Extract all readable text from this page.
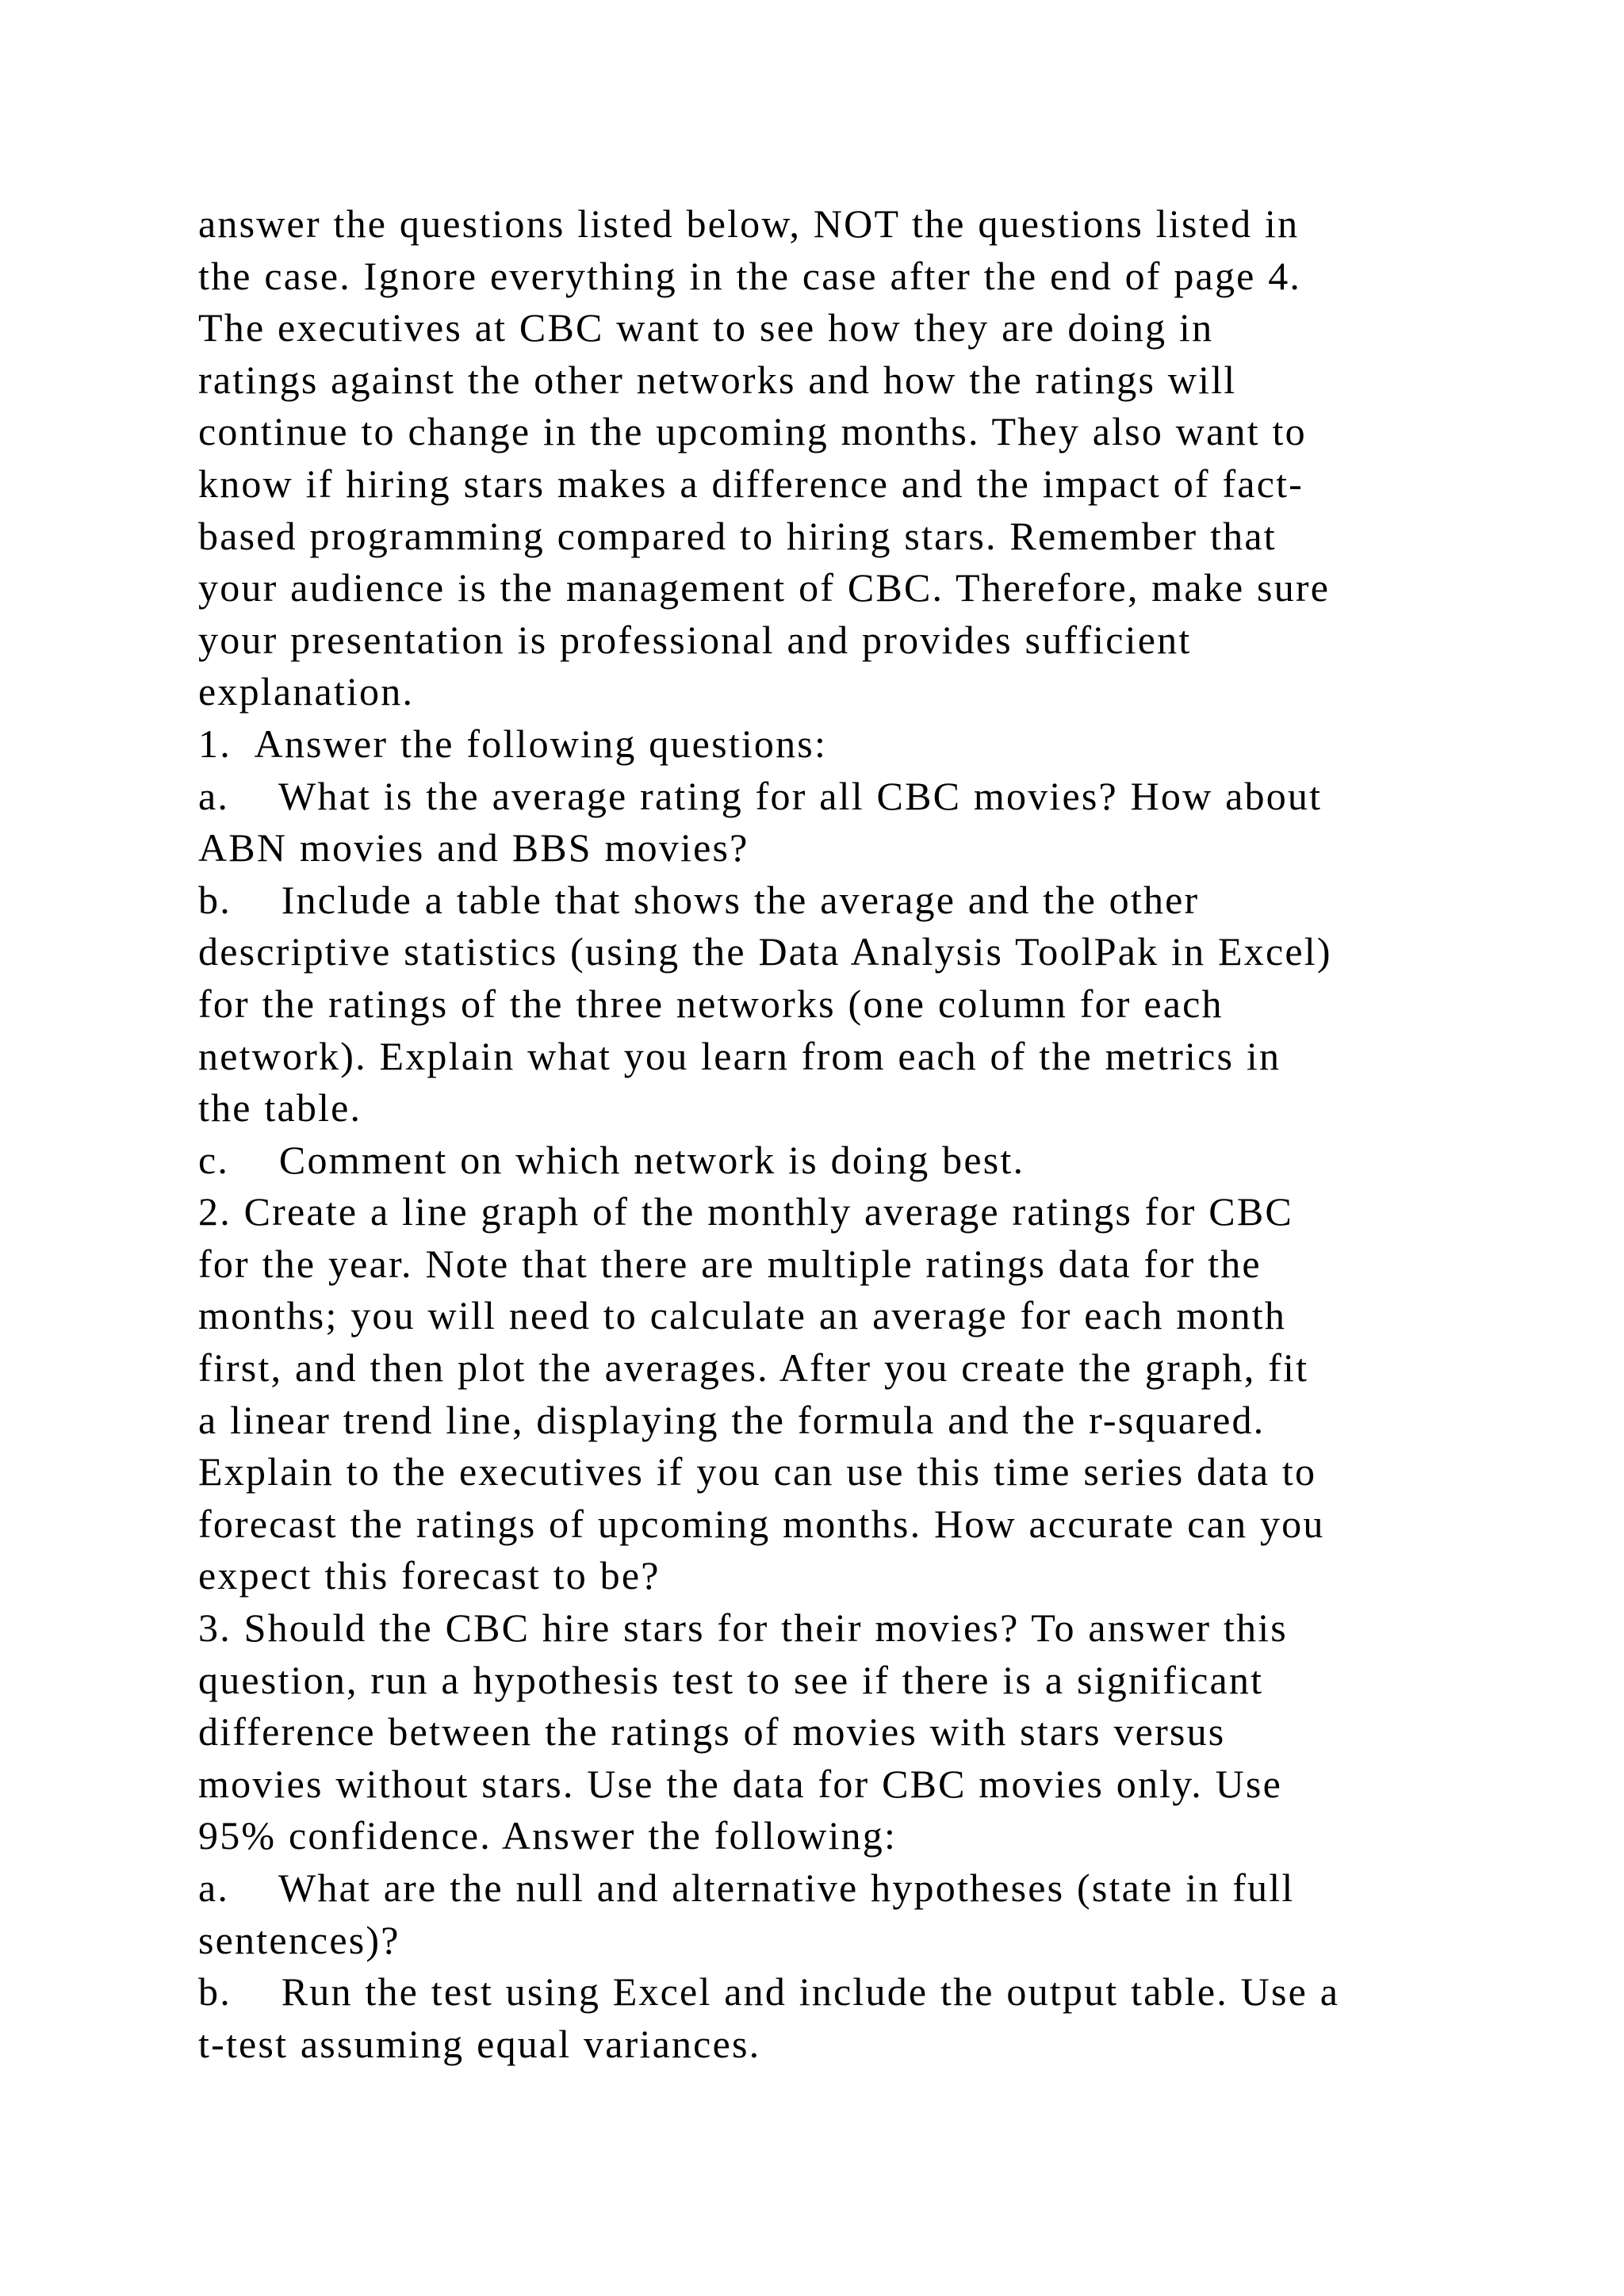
answer the questions listed below, NOT the questions listed in
the case. Ignore everything in the case after the end of page 4.
The executives at CBC want to see how they are doing in
ratings against the other networks and how the ratings will
continue to change in the upcoming months. They also want to
know if hiring stars makes a difference and the impact of fact-
based programming compared to hiring stars. Remember that
your audience is the management of CBC. Therefore, make sure
your presentation is professional and provides sufficient
explanation.
1.  Answer the following questions:
a.    What is the average rating for all CBC movies? How about
ABN movies and BBS movies?
b.    Include a table that shows the average and the other
descriptive statistics (using the Data Analysis ToolPak in Excel)
for the ratings of the three networks (one column for each
network). Explain what you learn from each of the metrics in
the table.
c.    Comment on which network is doing best.
2. Create a line graph of the monthly average ratings for CBC
for the year. Note that there are multiple ratings data for the
months; you will need to calculate an average for each month
first, and then plot the averages. After you create the graph, fit
a linear trend line, displaying the formula and the r-squared.
Explain to the executives if you can use this time series data to
forecast the ratings of upcoming months. How accurate can you
expect this forecast to be?
3. Should the CBC hire stars for their movies? To answer this
question, run a hypothesis test to see if there is a significant
difference between the ratings of movies with stars versus
movies without stars. Use the data for CBC movies only. Use
95% confidence. Answer the following:
a.    What are the null and alternative hypotheses (state in full
sentences)?
b.    Run the test using Excel and include the output table. Use a
t-test assuming equal variances.
